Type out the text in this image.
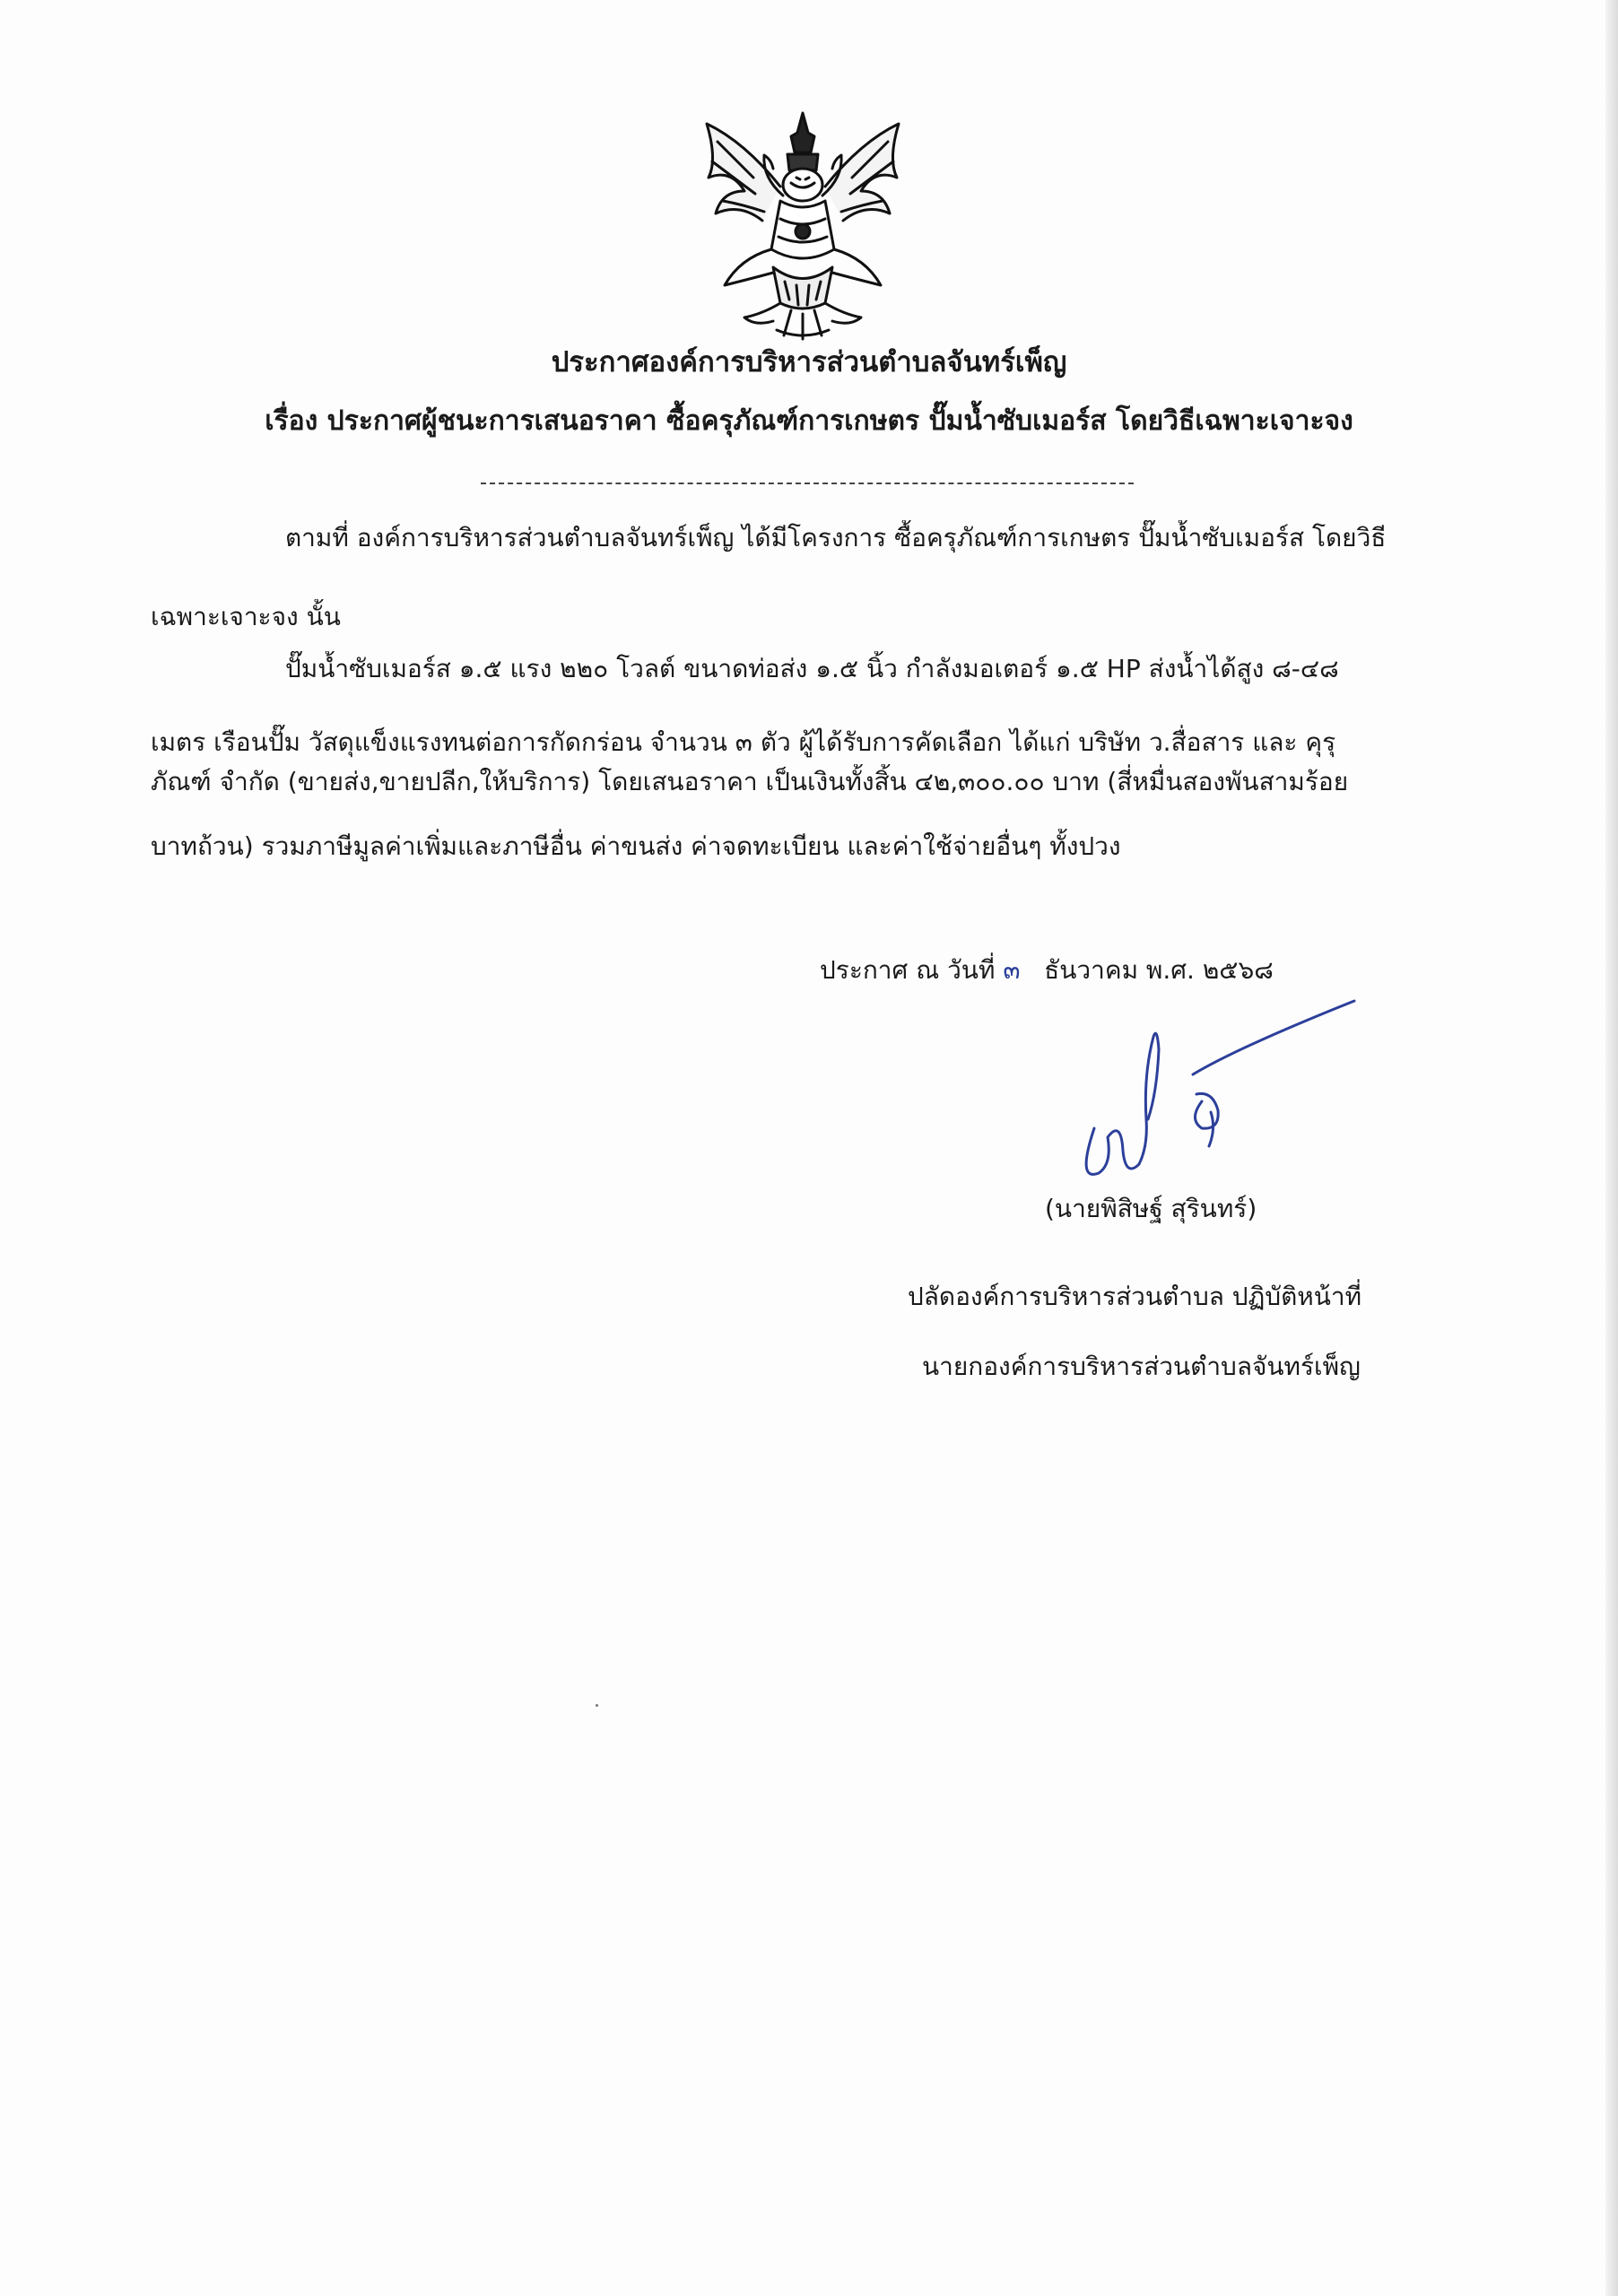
ประกาศองค์การบริหารส่วนตำบลจันทร์เพ็ญ
เรื่อง ประกาศผู้ชนะการเสนอราคา ซื้อครุภัณฑ์การเกษตร ปั๊มน้ำซับเมอร์ส โดยวิธีเฉพาะเจาะจง
ตามที่ องค์การบริหารส่วนตำบลจันทร์เพ็ญ ได้มีโครงการ ซื้อครุภัณฑ์การเกษตร ปั๊มน้ำซับเมอร์ส โดยวิธี
เฉพาะเจาะจง นั้น
ปั๊มน้ำซับเมอร์ส ๑.๕ แรง ๒๒๐ โวลต์ ขนาดท่อส่ง ๑.๕ นิ้ว กำลังมอเตอร์ ๑.๕ HP ส่งน้ำได้สูง ๘-๔๘
เมตร เรือนปั๊ม วัสดุแข็งแรงทนต่อการกัดกร่อน จำนวน ๓ ตัว ผู้ได้รับการคัดเลือก ได้แก่ บริษัท ว.สื่อสาร และ คุรุ
ภัณฑ์ จำกัด (ขายส่ง,ขายปลีก,ให้บริการ) โดยเสนอราคา เป็นเงินทั้งสิ้น ๔๒,๓๐๐.๐๐ บาท (สี่หมื่นสองพันสามร้อย
บาทถ้วน) รวมภาษีมูลค่าเพิ่มและภาษีอื่น ค่าขนส่ง ค่าจดทะเบียน และค่าใช้จ่ายอื่นๆ ทั้งปวง
ประกาศ ณ วันที่ ๓ ธันวาคม พ.ศ. ๒๕๖๘
(นายพิสิษฐ์ สุรินทร์)
ปลัดองค์การบริหารส่วนตำบล ปฏิบัติหน้าที่
นายกองค์การบริหารส่วนตำบลจันทร์เพ็ญ
